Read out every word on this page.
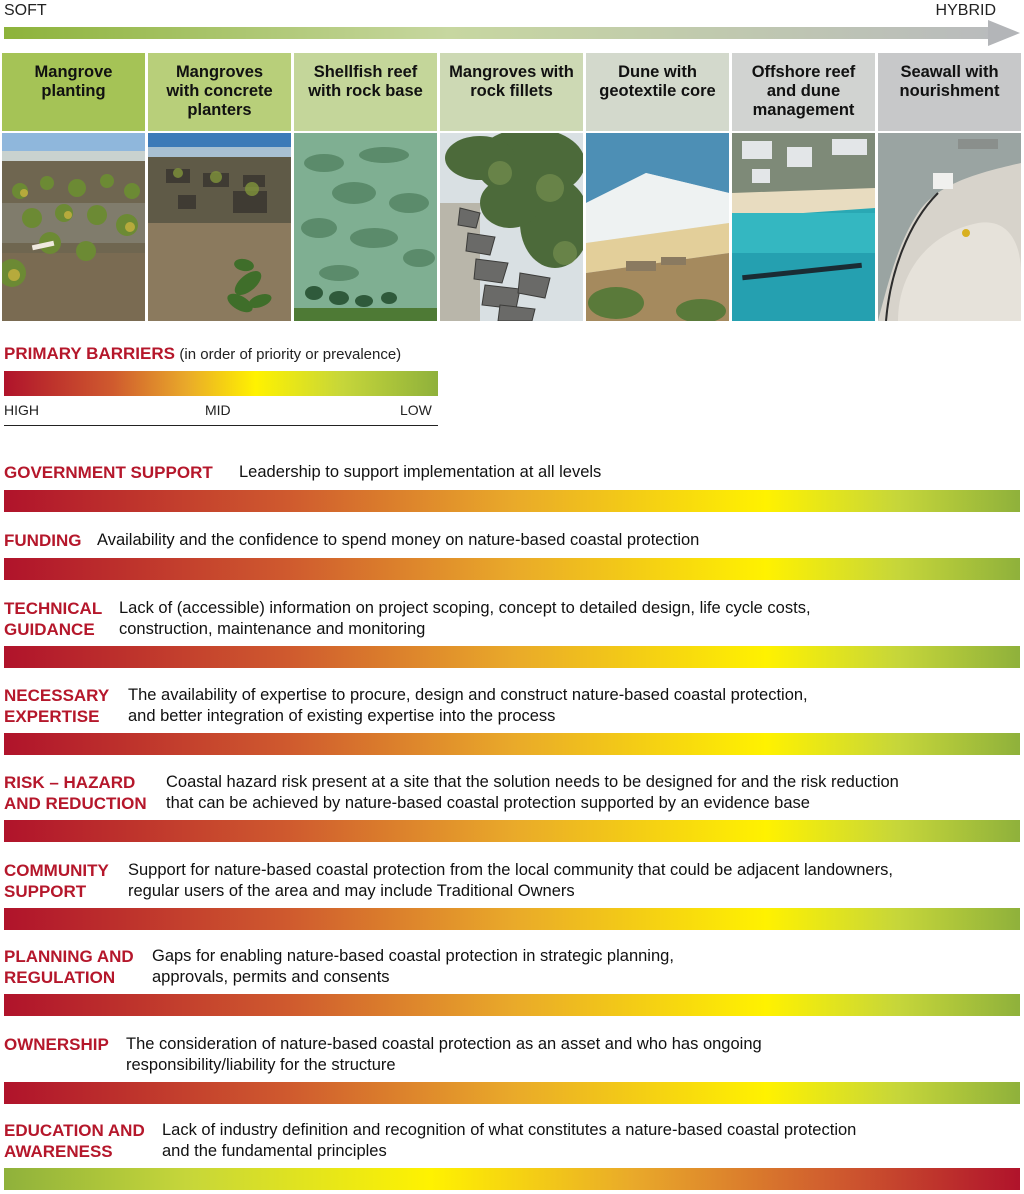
SOFT	HYBRID
Mangrove
planting
Mangroves
with concrete
planters
Shellfish reef
with rock base
Mangroves with
rock fillets
Dune with
geotextile core
Offshore reef
and dune
management
Seawall with
nourishment
PRIMARY BARRIERS (in order of priority or prevalence)
HIGH	MID	LOW
GOVERNMENT SUPPORT Leadership to support implementation at all levels
FUNDING Availability and the confidence to spend money on nature-based coastal protection
TECHNICAL
GUIDANCE
Lack of (accessible) information on project scoping, concept to detailed design, life cycle costs,
construction, maintenance and monitoring
NECESSARY
EXPERTISE
The availability of expertise to procure, design and construct nature-based coastal protection,
and better integration of existing expertise into the process
RISK – HAZARD
AND REDUCTION
Coastal hazard risk present at a site that the solution needs to be designed for and the risk reduction
that can be achieved by nature-based coastal protection supported by an evidence base
COMMUNITY
SUPPORT
Support for nature-based coastal protection from the local community that could be adjacent landowners,
regular users of the area and may include Traditional Owners
PLANNING AND
REGULATION
Gaps for enabling nature-based coastal protection in strategic planning,
approvals, permits and consents
OWNERSHIP The consideration of nature-based coastal protection as an asset and who has ongoing
responsibility/liability for the structure
EDUCATION AND
AWARENESS
Lack of industry definition and recognition of what constitutes a nature-based coastal protection
and the fundamental principles
